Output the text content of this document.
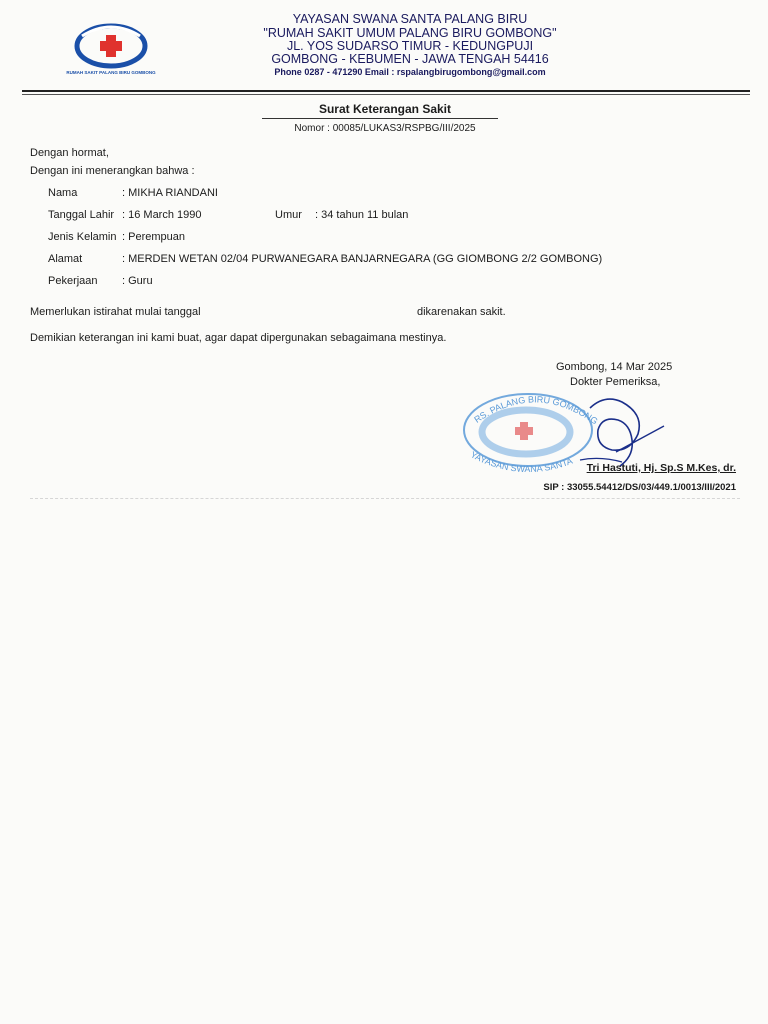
RUMAH SAKIT PALANG BIRU GOMBONG
YAYASAN SWANA SANTA PALANG BIRU
"RUMAH SAKIT UMUM PALANG BIRU GOMBONG"
JL. YOS SUDARSO TIMUR - KEDUNGPUJI
GOMBONG - KEBUMEN - JAWA TENGAH 54416
Phone 0287 - 471290 Email : rspalangbirugombong@gmail.com
Surat Keterangan Sakit
Nomor : 00085/LUKAS3/RSPBG/III/2025
Dengan hormat,
Dengan ini menerangkan bahwa :
Nama	: MIKHA RIANDANI
Tanggal Lahir : 16 March 1990	Umur : 34 tahun 11 bulan
Jenis Kelamin : Perempuan
Alamat	: MERDEN WETAN 02/04 PURWANEGARA BANJARNEGARA (GG GIOMBONG 2/2 GOMBONG)
Pekerjaan : Guru
Memerlukan istirahat mulai tanggal	dikarenakan sakit.
Demikian keterangan ini kami buat, agar dapat dipergunakan sebagaimana mestinya.
Gombong, 14 Mar 2025
Dokter Pemeriksa,
RS. PALANG BIRU GOMBONG
YAYASAN SWANA SANTA
Tri Hastuti, Hj. Sp.S M.Kes, dr.
SIP : 33055.54412/DS/03/449.1/0013/III/2021
